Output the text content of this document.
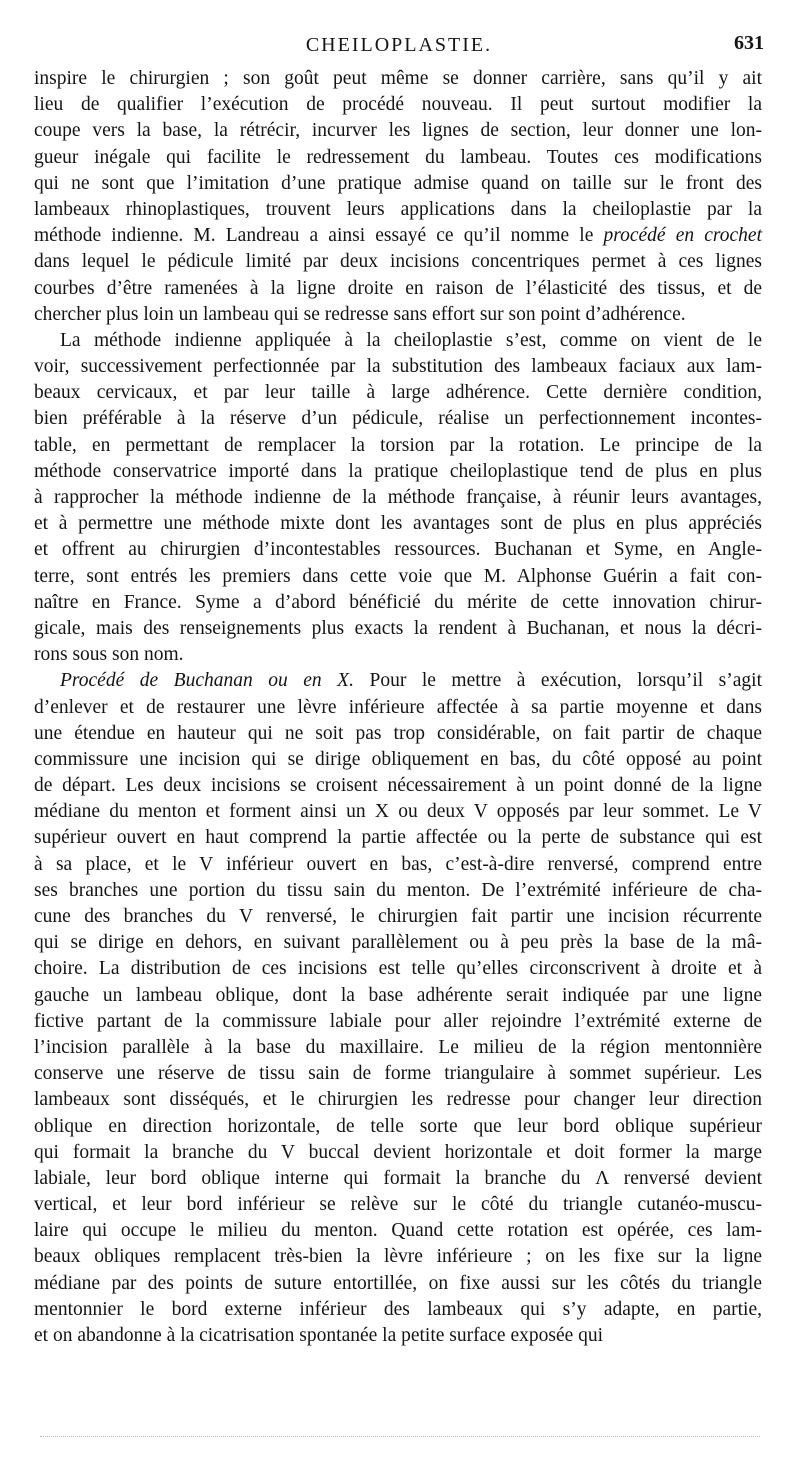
CHEILOPLASTIE.	631
inspire le chirurgien ; son goût peut même se donner carrière, sans qu’il y ait
lieu de qualifier l’exécution de procédé nouveau. Il peut surtout modifier la
coupe vers la base, la rétrécir, incurver les lignes de section, leur donner une lon-
gueur inégale qui facilite le redressement du lambeau. Toutes ces modifications
qui ne sont que l’imitation d’une pratique admise quand on taille sur le front des
lambeaux rhinoplastiques, trouvent leurs applications dans la cheiloplastie par la
méthode indienne. M. Landreau a ainsi essayé ce qu’il nomme le procédé en crochet
dans lequel le pédicule limité par deux incisions concentriques permet à ces lignes
courbes d’être ramenées à la ligne droite en raison de l’élasticité des tissus, et de
chercher plus loin un lambeau qui se redresse sans effort sur son point d’adhérence.
La méthode indienne appliquée à la cheiloplastie s’est, comme on vient de le
voir, successivement perfectionnée par la substitution des lambeaux faciaux aux lam-
beaux cervicaux, et par leur taille à large adhérence. Cette dernière condition,
bien préférable à la réserve d’un pédicule, réalise un perfectionnement incontes-
table, en permettant de remplacer la torsion par la rotation. Le principe de la
méthode conservatrice importé dans la pratique cheiloplastique tend de plus en plus
à rapprocher la méthode indienne de la méthode française, à réunir leurs avantages,
et à permettre une méthode mixte dont les avantages sont de plus en plus appréciés
et offrent au chirurgien d’incontestables ressources. Buchanan et Syme, en Angle-
terre, sont entrés les premiers dans cette voie que M. Alphonse Guérin a fait con-
naître en France. Syme a d’abord bénéficié du mérite de cette innovation chirur-
gicale, mais des renseignements plus exacts la rendent à Buchanan, et nous la décri-
rons sous son nom.
Procédé de Buchanan ou en X. Pour le mettre à exécution, lorsqu’il s’agit
d’enlever et de restaurer une lèvre inférieure affectée à sa partie moyenne et dans
une étendue en hauteur qui ne soit pas trop considérable, on fait partir de chaque
commissure une incision qui se dirige obliquement en bas, du côté opposé au point
de départ. Les deux incisions se croisent nécessairement à un point donné de la ligne
médiane du menton et forment ainsi un X ou deux V opposés par leur sommet. Le V
supérieur ouvert en haut comprend la partie affectée ou la perte de substance qui est
à sa place, et le V inférieur ouvert en bas, c’est-à-dire renversé, comprend entre
ses branches une portion du tissu sain du menton. De l’extrémité inférieure de cha-
cune des branches du V renversé, le chirurgien fait partir une incision récurrente
qui se dirige en dehors, en suivant parallèlement ou à peu près la base de la mâ-
choire. La distribution de ces incisions est telle qu’elles circonscrivent à droite et à
gauche un lambeau oblique, dont la base adhérente serait indiquée par une ligne
fictive partant de la commissure labiale pour aller rejoindre l’extrémité externe de
l’incision parallèle à la base du maxillaire. Le milieu de la région mentonnière
conserve une réserve de tissu sain de forme triangulaire à sommet supérieur. Les
lambeaux sont disséqués, et le chirurgien les redresse pour changer leur direction
oblique en direction horizontale, de telle sorte que leur bord oblique supérieur
qui formait la branche du V buccal devient horizontale et doit former la marge
labiale, leur bord oblique interne qui formait la branche du Λ renversé devient
vertical, et leur bord inférieur se relève sur le côté du triangle cutanéo-muscu-
laire qui occupe le milieu du menton. Quand cette rotation est opérée, ces lam-
beaux obliques remplacent très-bien la lèvre inférieure ; on les fixe sur la ligne
médiane par des points de suture entortillée, on fixe aussi sur les côtés du triangle
mentonnier le bord externe inférieur des lambeaux qui s’y adapte, en partie,
et on abandonne à la cicatrisation spontanée la petite surface exposée qui
